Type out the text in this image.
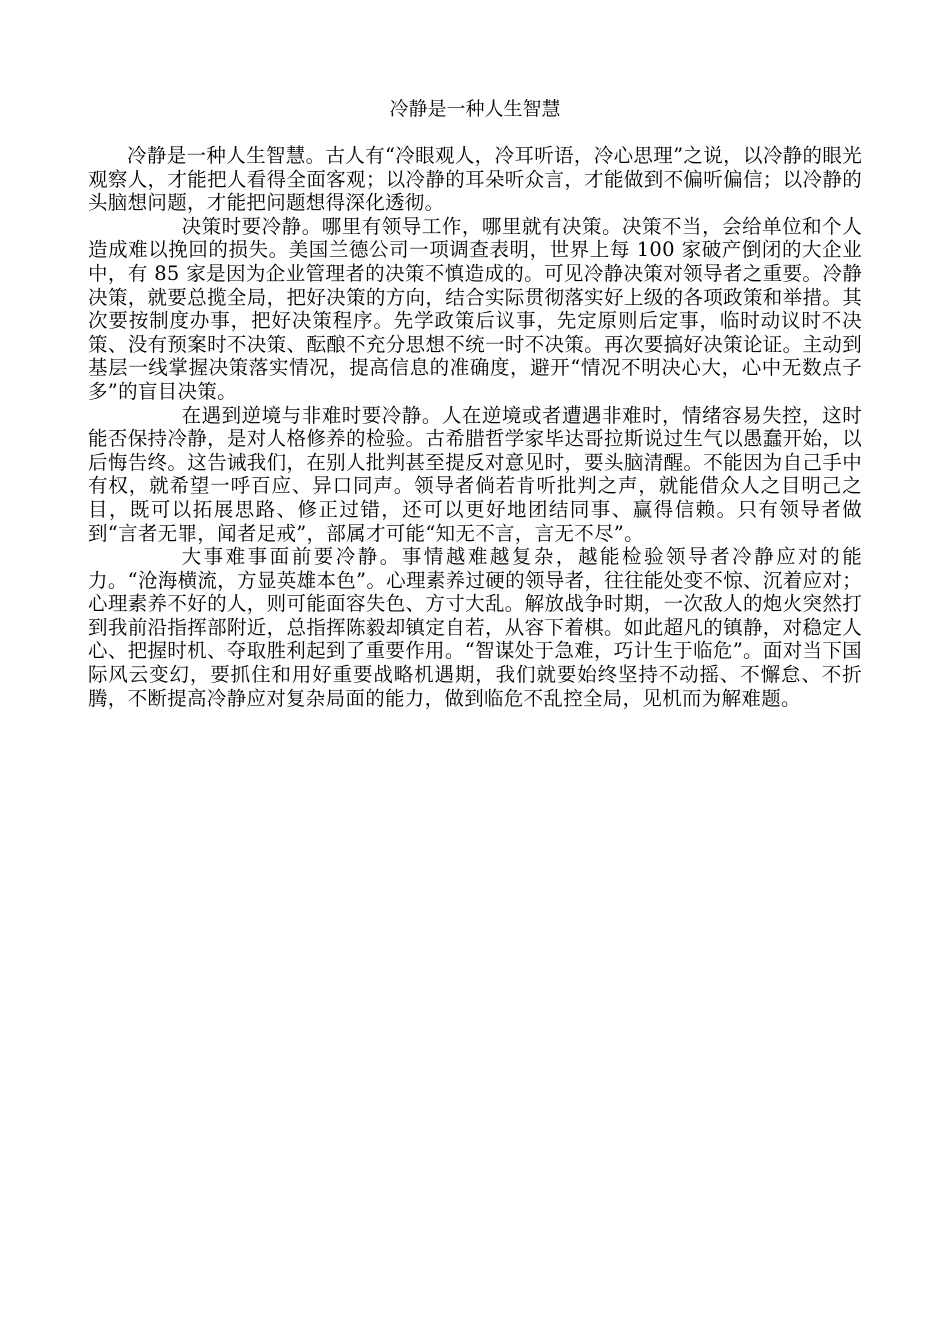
冷静是一种人生智慧

冷静是一种人生智慧。古人有“冷眼观人，冷耳听语，冷心思理”之说，以冷静的眼光观察人，才能把人看得全面客观；以冷静的耳朵听众言，才能做到不偏听偏信；以冷静的头脑想问题，才能把问题想得深化透彻。

决策时要冷静。哪里有领导工作，哪里就有决策。决策不当，会给单位和个人造成难以挽回的损失。美国兰德公司一项调查表明，世界上每 100 家破产倒闭的大企业中，有 85 家是因为企业管理者的决策不慎造成的。可见冷静决策对领导者之重要。冷静决策，就要总揽全局，把好决策的方向，结合实际贯彻落实好上级的各项政策和举措。其次要按制度办事，把好决策程序。先学政策后议事，先定原则后定事，临时动议时不决策、没有预案时不决策、酝酿不充分思想不统一时不决策。再次要搞好决策论证。主动到基层一线掌握决策落实情况，提高信息的准确度，避开“情况不明决心大，心中无数点子多”的盲目决策。

在遇到逆境与非难时要冷静。人在逆境或者遭遇非难时，情绪容易失控，这时能否保持冷静，是对人格修养的检验。古希腊哲学家毕达哥拉斯说过生气以愚蠢开始，以后悔告终。这告诫我们，在别人批判甚至提反对意见时，要头脑清醒。不能因为自己手中有权，就希望一呼百应、异口同声。领导者倘若肯听批判之声，就能借众人之目明己之目，既可以拓展思路、修正过错，还可以更好地团结同事、赢得信赖。只有领导者做到“言者无罪，闻者足戒”，部属才可能“知无不言，言无不尽”。

大事难事面前要冷静。事情越难越复杂，越能检验领导者冷静应对的能力。“沧海横流，方显英雄本色”。心理素养过硬的领导者，往往能处变不惊、沉着应对；心理素养不好的人，则可能面容失色、方寸大乱。解放战争时期，一次敌人的炮火突然打到我前沿指挥部附近，总指挥陈毅却镇定自若，从容下着棋。如此超凡的镇静，对稳定人心、把握时机、夺取胜利起到了重要作用。“智谋处于急难，巧计生于临危”。面对当下国际风云变幻，要抓住和用好重要战略机遇期，我们就要始终坚持不动摇、不懈怠、不折腾，不断提高冷静应对复杂局面的能力，做到临危不乱控全局，见机而为解难题。
